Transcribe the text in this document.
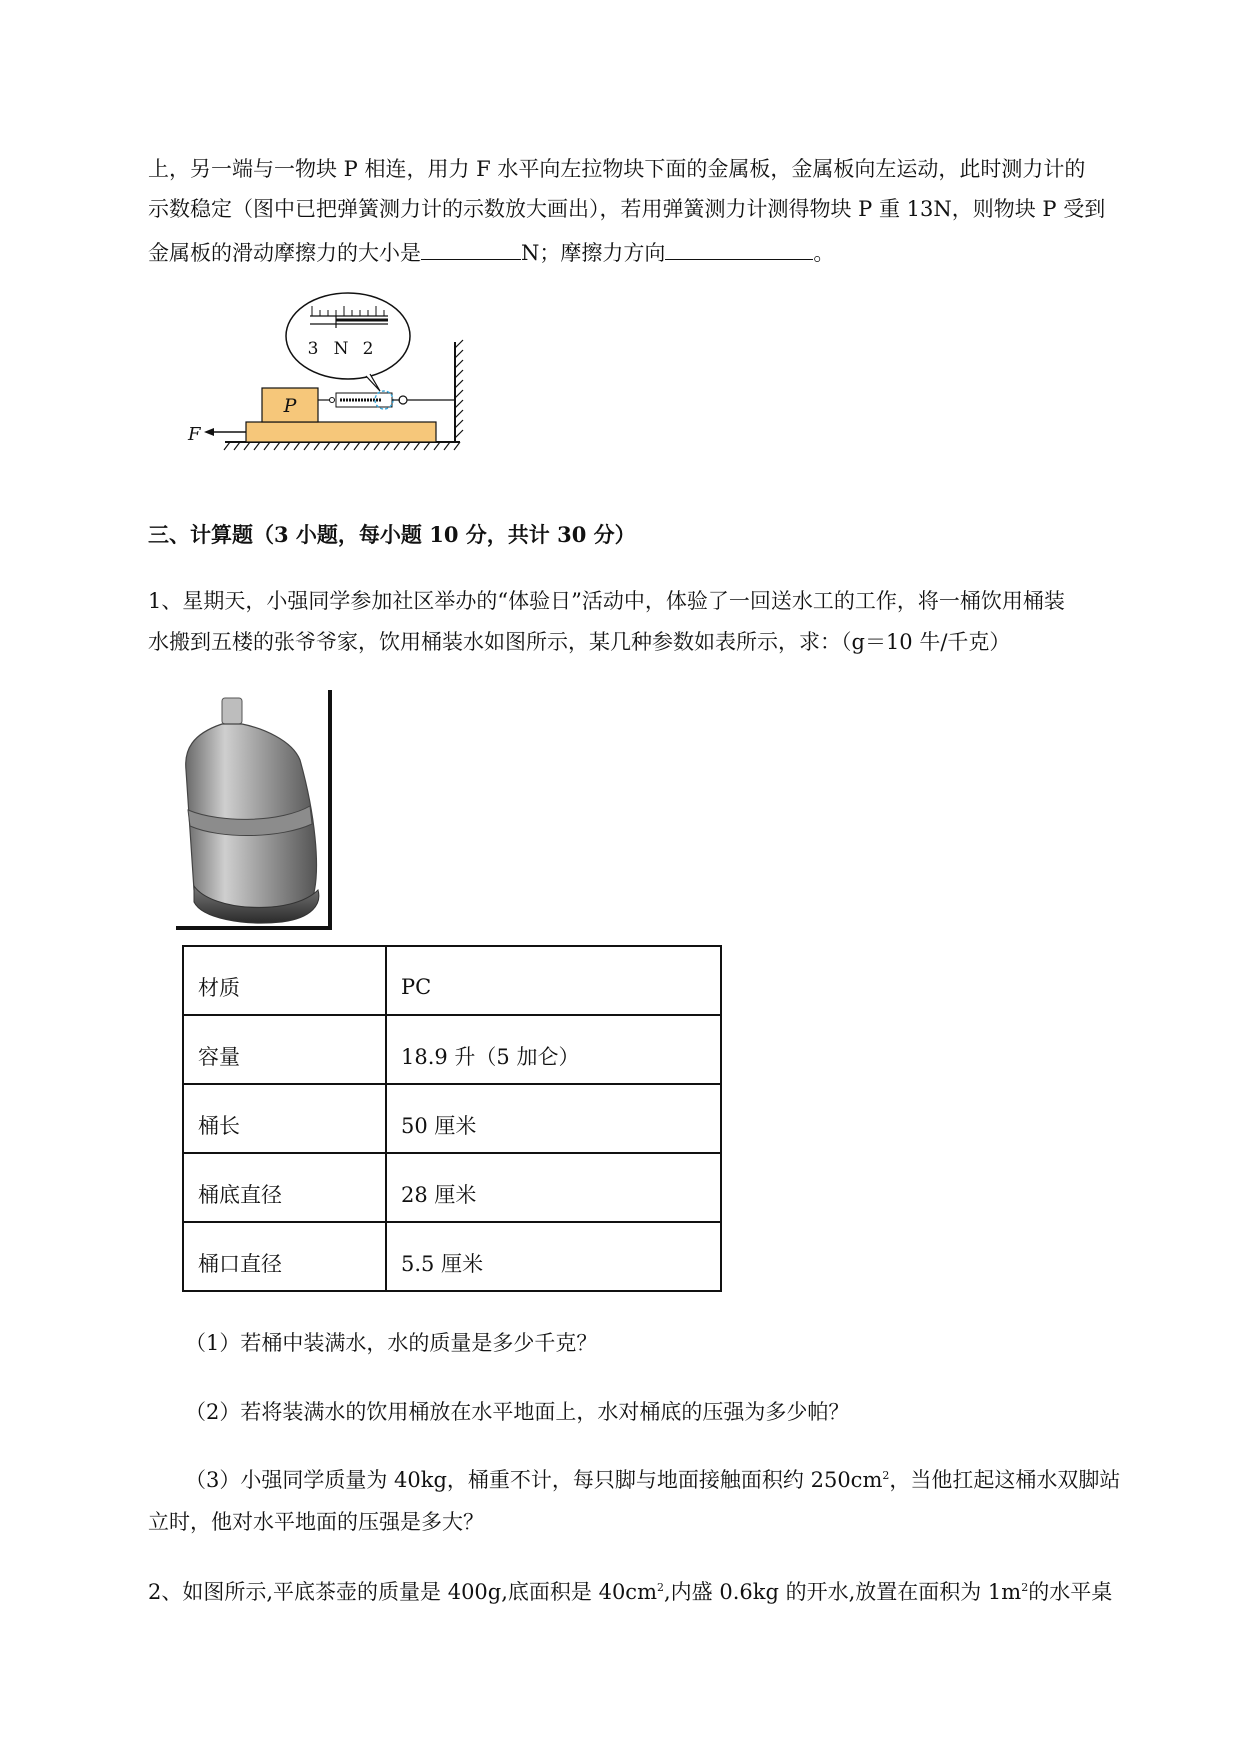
上，另一端与一物块 P 相连，用力 F 水平向左拉物块下面的金属板，金属板向左运动，此时测力计的
示数稳定（图中已把弹簧测力计的示数放大画出），若用弹簧测力计测得物块 P 重 13N，则物块 P 受到
金属板的滑动摩擦力的大小是	N；摩擦力方向	。
P
F
3 N 2
三、计算题（3 小题，每小题 10 分，共计 30 分）
1、星期天，小强同学参加社区举办的“体验日”活动中，体验了一回送水工的工作，将一桶饮用桶装
水搬到五楼的张爷爷家，饮用桶装水如图所示，某几种参数如表所示，求：（g＝10 牛/千克）
材质	PC
容量	18.9 升（5 加仑）
桶长	50 厘米
桶底直径	28 厘米
桶口直径	5.5 厘米
（1）若桶中装满水，水的质量是多少千克？
（2）若将装满水的饮用桶放在水平地面上，水对桶底的压强为多少帕？
（3）小强同学质量为 40kg，桶重不计，每只脚与地面接触面积约 $250cm^2$，当他扛起这桶水双脚站
立时，他对水平地面的压强是多大？
2、如图所示,平底茶壶的质量是 400g,底面积是 $40cm^2$,内盛 0.6kg 的开水,放置在面积为 $1m^2$的水平桌
